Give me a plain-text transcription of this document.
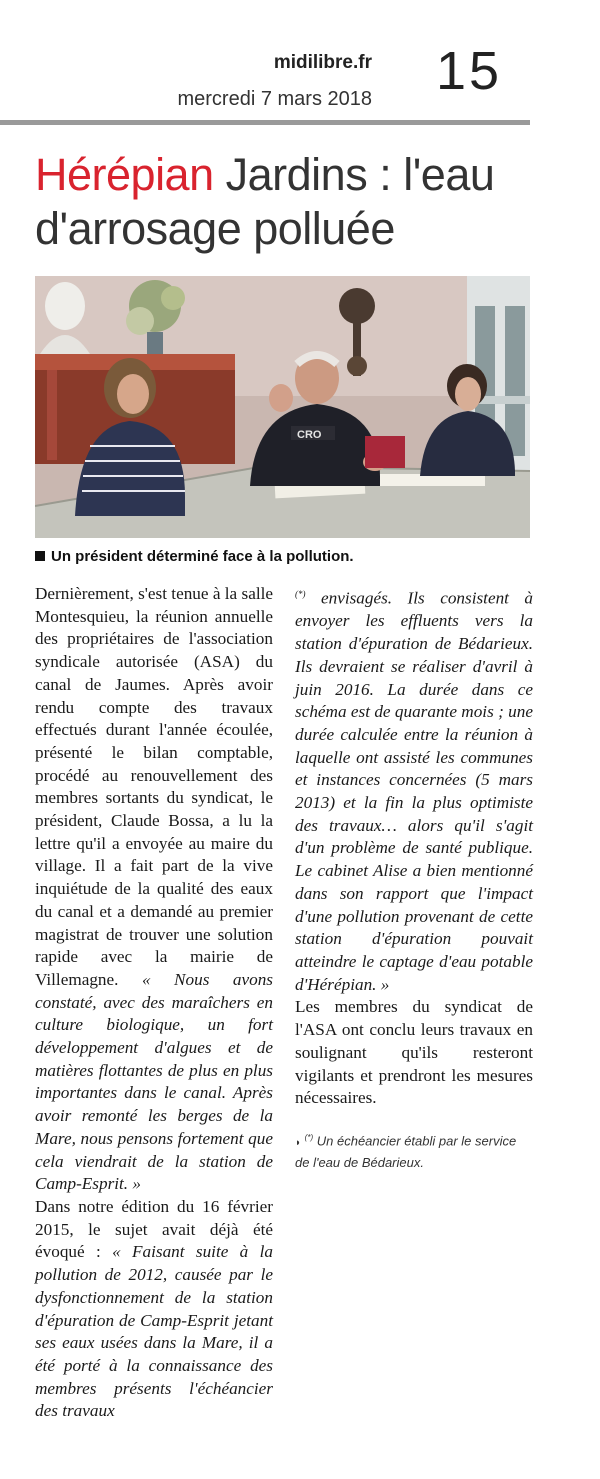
midilibre.fr
mercredi 7 mars 2018 15
Hérépian Jardins : l'eau
d'arrosage polluée
CRO
Un président déterminé face à la pollution.

Dernièrement, s'est tenue à la salle Montesquieu, la réunion annuelle des propriétaires de l'association syndicale autorisée (ASA) du canal de Jaumes. Après avoir rendu compte des travaux effectués durant l'année écoulée, présenté le bilan comptable, procédé au renouvellement des membres sortants du syndicat, le président, Claude Bossa, a lu la lettre qu'il a envoyée au maire du village. Il a fait part de la vive inquiétude de la qualité des eaux du canal et a demandé au premier magistrat de trouver une solution rapide avec la mairie de Villemagne. « Nous avons constaté, avec des maraîchers en culture biologique, un fort développement d'algues et de matières flottantes de plus en plus importantes dans le canal. Après avoir remonté les berges de la Mare, nous pensons fortement que cela viendrait de la station de Camp-Esprit. »

Dans notre édition du 16 février 2015, le sujet avait déjà été évoqué : « Faisant suite à la pollution de 2012, causée par le dysfonctionnement de la station d'épuration de Camp-Esprit jetant ses eaux usées dans la Mare, il a été porté à la connaissance des membres présents l'échéancier des travaux

(*) envisagés. Ils consistent à envoyer les effluents vers la station d'épuration de Bédarieux. Ils devraient se réaliser d'avril à juin 2016. La durée dans ce schéma est de quarante mois ; une durée calculée entre la réunion à laquelle ont assisté les communes et instances concernées (5 mars 2013) et la fin la plus optimiste des travaux… alors qu'il s'agit d'un problème de santé publique. Le cabinet Alise a bien mentionné dans son rapport que l'impact d'une pollution provenant de cette station d'épuration pouvait atteindre le captage d'eau potable d'Hérépian. »

Les membres du syndicat de l'ASA ont conclu leurs travaux en soulignant qu'ils resteront vigilants et prendront les mesures nécessaires.

◗ (*) Un échéancier établi par le service de l'eau de Bédarieux.
